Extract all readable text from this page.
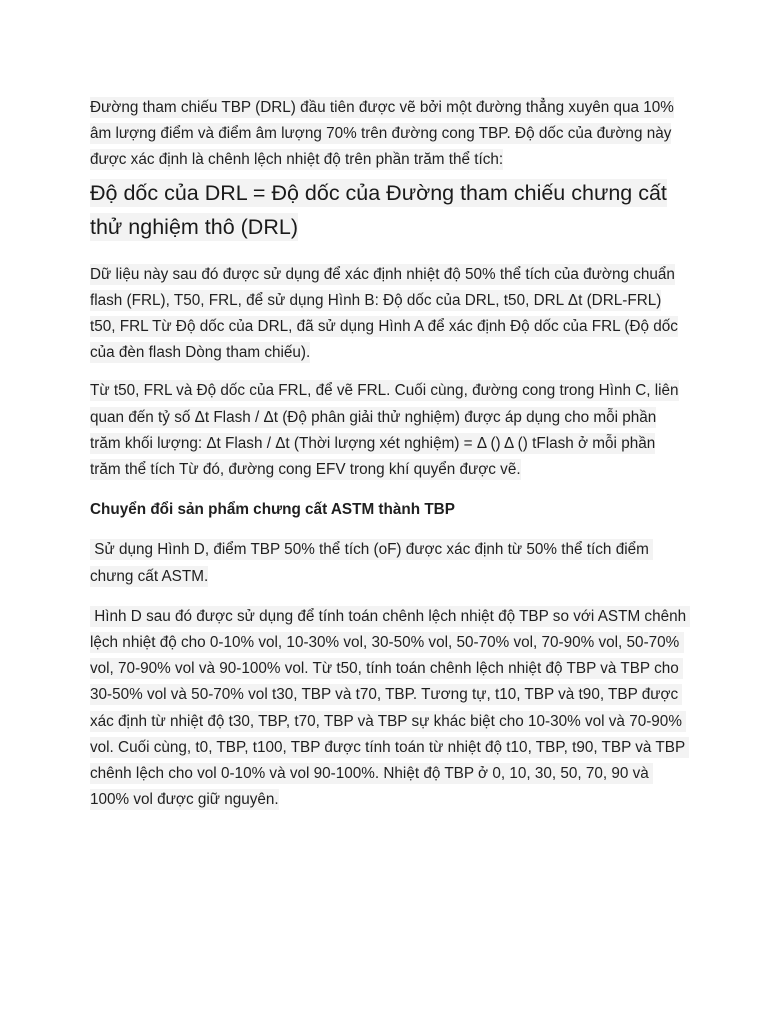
Đường tham chiếu TBP (DRL) đầu tiên được vẽ bởi một đường thẳng xuyên qua 10% âm lượng điểm và điểm âm lượng 70% trên đường cong TBP. Độ dốc của đường này được xác định là chênh lệch nhiệt độ trên phần trăm thể tích:

Độ dốc của DRL = Độ dốc của Đường tham chiếu chưng cất thử nghiệm thô (DRL)

Dữ liệu này sau đó được sử dụng để xác định nhiệt độ 50% thể tích của đường chuẩn flash (FRL), T50, FRL, để sử dụng Hình B: Độ dốc của DRL, t50, DRL Δt (DRL-FRL) t50, FRL Từ Độ dốc của DRL, đã sử dụng Hình A để xác định Độ dốc của FRL (Độ dốc của đèn flash Dòng tham chiếu).

Từ t50, FRL và Độ dốc của FRL, để vẽ FRL. Cuối cùng, đường cong trong Hình C, liên quan đến tỷ số Δt Flash / Δt (Độ phân giải thử nghiệm) được áp dụng cho mỗi phần trăm khối lượng: Δt Flash / Δt (Thời lượng xét nghiệm) = Δ () Δ () tFlash ở mỗi phần trăm thể tích Từ đó, đường cong EFV trong khí quyển được vẽ.

Chuyển đổi sản phẩm chưng cất ASTM thành TBP

Sử dụng Hình D, điểm TBP 50% thể tích (oF) được xác định từ 50% thể tích điểm chưng cất ASTM.

Hình D sau đó được sử dụng để tính toán chênh lệch nhiệt độ TBP so với ASTM chênh lệch nhiệt độ cho 0-10% vol, 10-30% vol, 30-50% vol, 50-70% vol, 70-90% vol, 50-70% vol, 70-90% vol và 90-100% vol. Từ t50, tính toán chênh lệch nhiệt độ TBP và TBP cho 30-50% vol và 50-70% vol t30, TBP và t70, TBP. Tương tự, t10, TBP và t90, TBP được xác định từ nhiệt độ t30, TBP, t70, TBP và TBP sự khác biệt cho 10-30% vol và 70-90% vol. Cuối cùng, t0, TBP, t100, TBP được tính toán từ nhiệt độ t10, TBP, t90, TBP và TBP chênh lệch cho vol 0-10% và vol 90-100%. Nhiệt độ TBP ở 0, 10, 30, 50, 70, 90 và 100% vol được giữ nguyên.
